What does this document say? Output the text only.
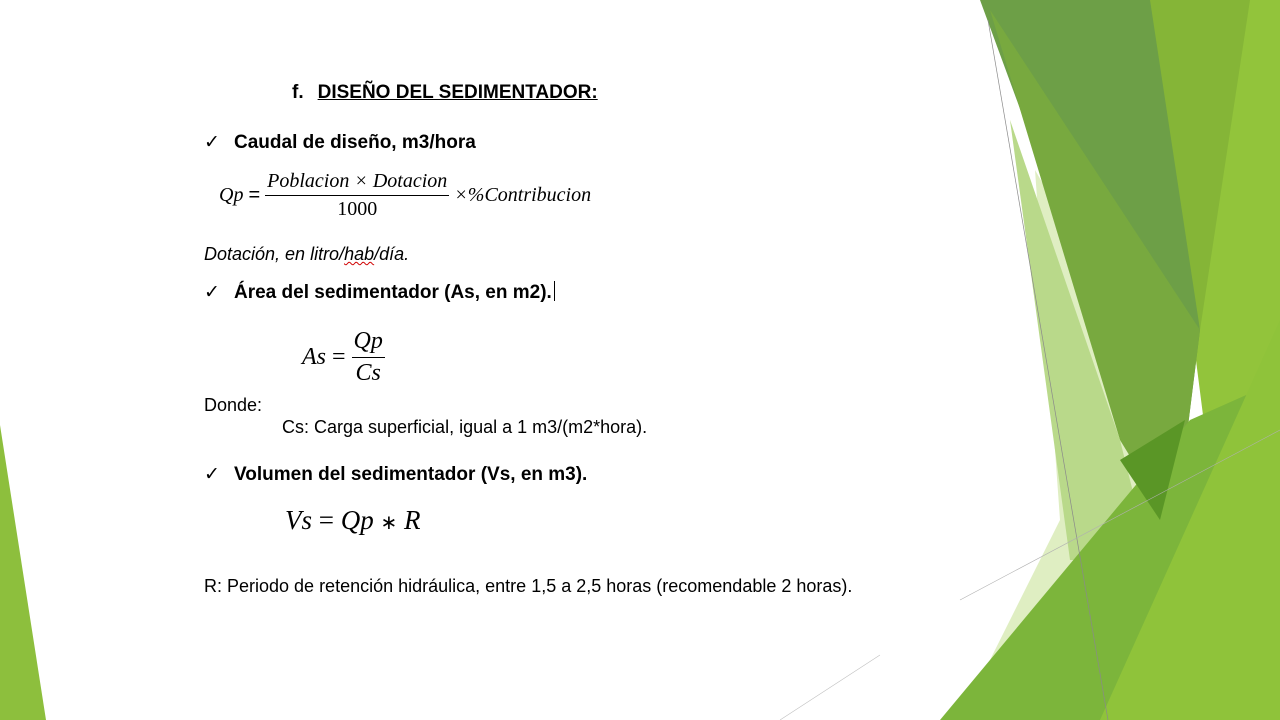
f. DISEÑO DEL SEDIMENTADOR:
✓ Caudal de diseño, m3/hora
$Qp = \frac{\text{Poblacion × Dotacion}}{1000}$ ×%Contribucion
Dotación, en litro/hab/día.
✓ Área del sedimentador (As, en m2).
$As = \frac{Qp}{Cs}$
Donde:
Cs: Carga superficial, igual a 1 m3/(m2*hora).
✓ Volumen del sedimentador (Vs, en m3).
Vs = Qp ∗ R
R: Periodo de retención hidráulica, entre 1,5 a 2,5 horas (recomendable 2 horas).
